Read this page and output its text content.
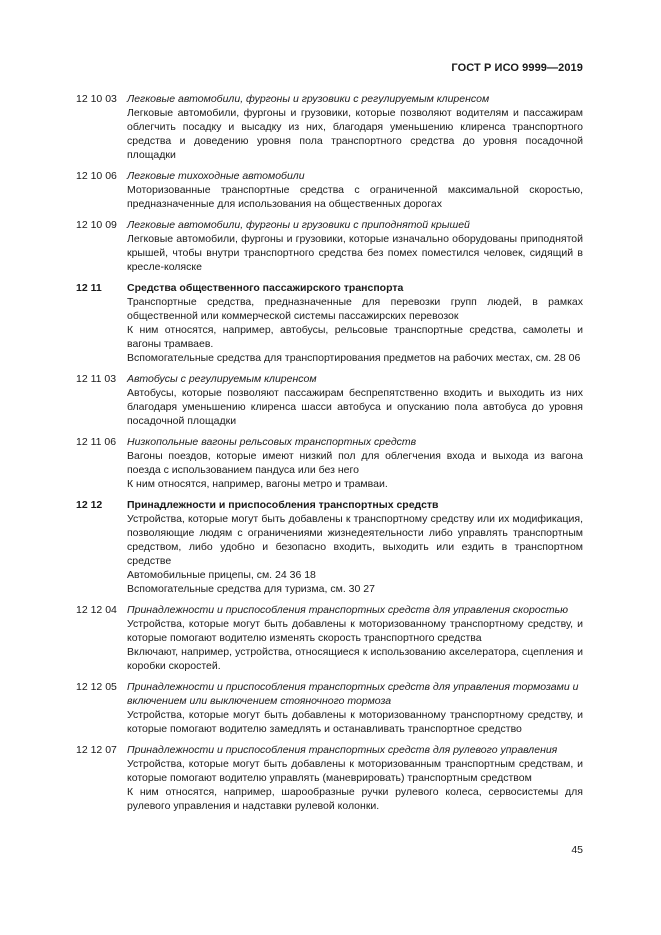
ГОСТ Р ИСО 9999—2019
12 10 03 Легковые автомобили, фургоны и грузовики с регулируемым клиренсом
Легковые автомобили, фургоны и грузовики, которые позволяют водителям и пассажирам облегчить посадку и высадку из них, благодаря уменьшению клиренса транспортного средства и доведению уровня пола транспортного средства до уровня посадочной площадки
12 10 06 Легковые тихоходные автомобили
Моторизованные транспортные средства с ограниченной максимальной скоростью, предназначенные для использования на общественных дорогах
12 10 09 Легковые автомобили, фургоны и грузовики с приподнятой крышей
Легковые автомобили, фургоны и грузовики, которые изначально оборудованы приподнятой крышей, чтобы внутри транспортного средства без помех поместился человек, сидящий в кресле-коляске
12 11	Средства общественного пассажирского транспорта
Транспортные средства, предназначенные для перевозки групп людей, в рамках общественной или коммерческой системы пассажирских перевозок
К ним относятся, например, автобусы, рельсовые транспортные средства, самолеты и вагоны трамваев.
Вспомогательные средства для транспортирования предметов на рабочих местах, см. 28 06
12 11 03	Автобусы с регулируемым клиренсом
Автобусы, которые позволяют пассажирам беспрепятственно входить и выходить из них благодаря уменьшению клиренса шасси автобуса и опусканию пола автобуса до уровня посадочной площадки
12 11 06	Низкопольные вагоны рельсовых транспортных средств
Вагоны поездов, которые имеют низкий пол для облегчения входа и выхода из вагона поезда с использованием пандуса или без него
К ним относятся, например, вагоны метро и трамваи.
12 12	Принадлежности и приспособления транспортных средств
Устройства, которые могут быть добавлены к транспортному средству или их модификация, позволяющие людям с ограничениями жизнедеятельности либо управлять транспортным средством, либо удобно и безопасно входить, выходить или ездить в транспортном средстве
Автомобильные прицепы, см. 24 36 18
Вспомогательные средства для туризма, см. 30 27
12 12 04 Принадлежности и приспособления транспортных средств для управления скоростью
Устройства, которые могут быть добавлены к моторизованному транспортному средству, и которые помогают водителю изменять скорость транспортного средства
Включают, например, устройства, относящиеся к использованию акселератора, сцепления и коробки скоростей.
12 12 05 Принадлежности и приспособления транспортных средств для управления тормозами и включением или выключением стояночного тормоза
Устройства, которые могут быть добавлены к моторизованному транспортному средству, и которые помогают водителю замедлять и останавливать транспортное средство
12 12 07 Принадлежности и приспособления транспортных средств для рулевого управления
Устройства, которые могут быть добавлены к моторизованным транспортным средствам, и которые помогают водителю управлять (маневрировать) транспортным средством
К ним относятся, например, шарообразные ручки рулевого колеса, сервосистемы для рулевого управления и надставки рулевой колонки.
45
